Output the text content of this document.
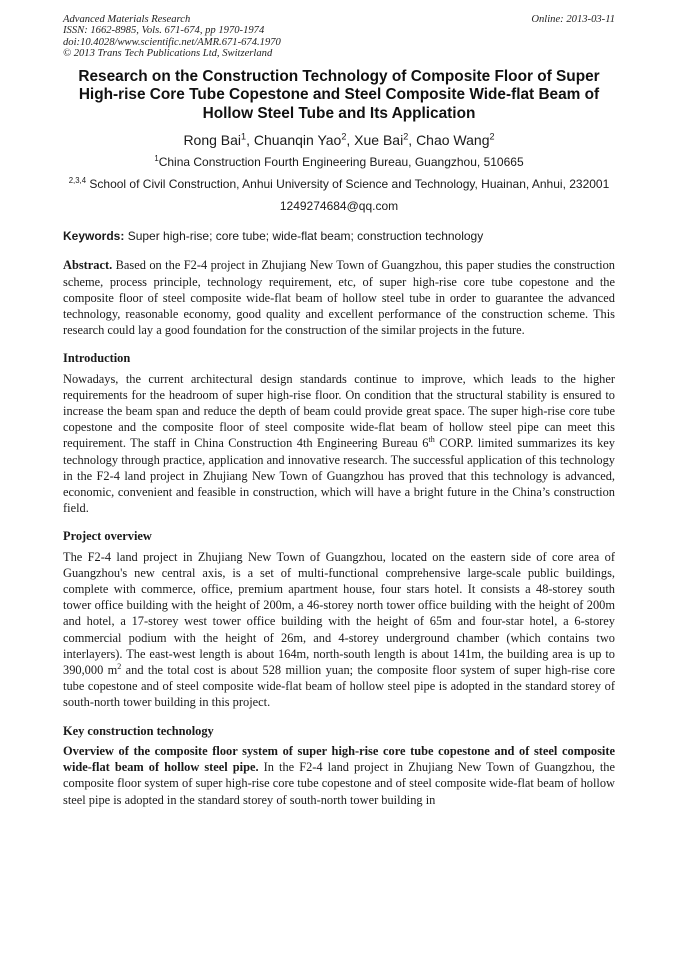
Advanced Materials Research
ISSN: 1662-8985, Vols. 671-674, pp 1970-1974
doi:10.4028/www.scientific.net/AMR.671-674.1970
© 2013 Trans Tech Publications Ltd, Switzerland
Online: 2013-03-11
Research on the Construction Technology of Composite Floor of Super High-rise Core Tube Copestone and Steel Composite Wide-flat Beam of Hollow Steel Tube and Its Application
Rong Bai$^1$, Chuanqin Yao$^2$, Xue Bai$^2$, Chao Wang$^2$
$^1$China Construction Fourth Engineering Bureau, Guangzhou, 510665
$^{2,3,4}$ School of Civil Construction, Anhui University of Science and Technology, Huainan, Anhui, 232001
1249274684@qq.com
Keywords: Super high-rise; core tube; wide-flat beam; construction technology
Abstract. Based on the F2-4 project in Zhujiang New Town of Guangzhou, this paper studies the construction scheme, process principle, technology requirement, etc, of super high-rise core tube copestone and the composite floor of steel composite wide-flat beam of hollow steel tube in order to guarantee the advanced technology, reasonable economy, good quality and excellent performance of the construction scheme. This research could lay a good foundation for the construction of the similar projects in the future.
Introduction
Nowadays, the current architectural design standards continue to improve, which leads to the higher requirements for the headroom of super high-rise floor. On condition that the structural stability is ensured to increase the beam span and reduce the depth of beam could provide great space. The super high-rise core tube copestone and the composite floor of steel composite wide-flat beam of hollow steel pipe can meet this requirement. The staff in China Construction 4th Engineering Bureau 6th CORP. limited summarizes its key technology through practice, application and innovative research. The successful application of this technology in the F2-4 land project in Zhujiang New Town of Guangzhou has proved that this technology is advanced, economic, convenient and feasible in construction, which will have a bright future in the China’s construction field.
Project overview
The F2-4 land project in Zhujiang New Town of Guangzhou, located on the eastern side of core area of Guangzhou's new central axis, is a set of multi-functional comprehensive large-scale public buildings, complete with commerce, office, premium apartment house, four stars hotel. It consists a 48-storey south tower office building with the height of 200m, a 46-storey north tower office building with the height of 200m and hotel, a 17-storey west tower office building with the height of 65m and four-star hotel, a 6-storey commercial podium with the height of 26m, and 4-storey underground chamber (which contains two interlayers). The east-west length is about 164m, north-south length is about 141m, the building area is up to 390,000 $m^2$ and the total cost is about 528 million yuan; the composite floor system of super high-rise core tube copestone and of steel composite wide-flat beam of hollow steel pipe is adopted in the standard storey of south-north tower building in this project.
Key construction technology
Overview of the composite floor system of super high-rise core tube copestone and of steel composite wide-flat beam of hollow steel pipe. In the F2-4 land project in Zhujiang New Town of Guangzhou, the composite floor system of super high-rise core tube copestone and of steel composite wide-flat beam of hollow steel pipe is adopted in the standard storey of south-north tower building in
